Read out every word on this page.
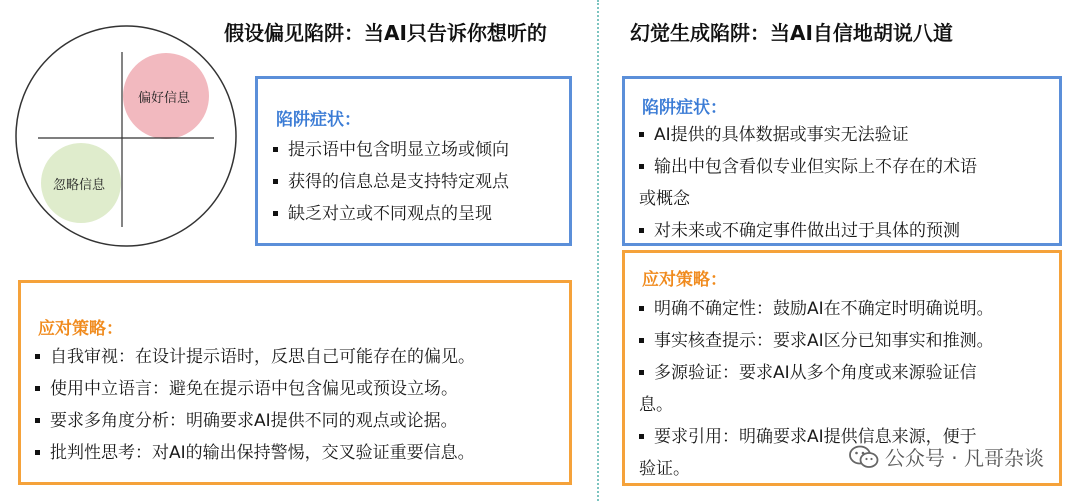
假设偏见陷阱：当AI只告诉你想听的	幻觉生成陷阱：当AI自信地胡说八道
偏好信息
忽略信息
陷阱症状：
提示语中包含明显立场或倾向
获得的信息总是支持特定观点
缺乏对立或不同观点的呈现
应对策略：
自我审视：在设计提示语时，反思自己可能存在的偏见。
使用中立语言：避免在提示语中包含偏见或预设立场。
要求多角度分析：明确要求AI提供不同的观点或论据。
批判性思考：对AI的输出保持警惕，交叉验证重要信息。
陷阱症状：
AI提供的具体数据或事实无法验证
输出中包含看似专业但实际上不存在的术语
或概念
对未来或不确定事件做出过于具体的预测
应对策略：
明确不确定性：鼓励AI在不确定时明确说明。
事实核查提示：要求AI区分已知事实和推测。
多源验证：要求AI从多个角度或来源验证信
息。
要求引用：明确要求AI提供信息来源，便于
验证。	公众号 · 凡哥杂谈
